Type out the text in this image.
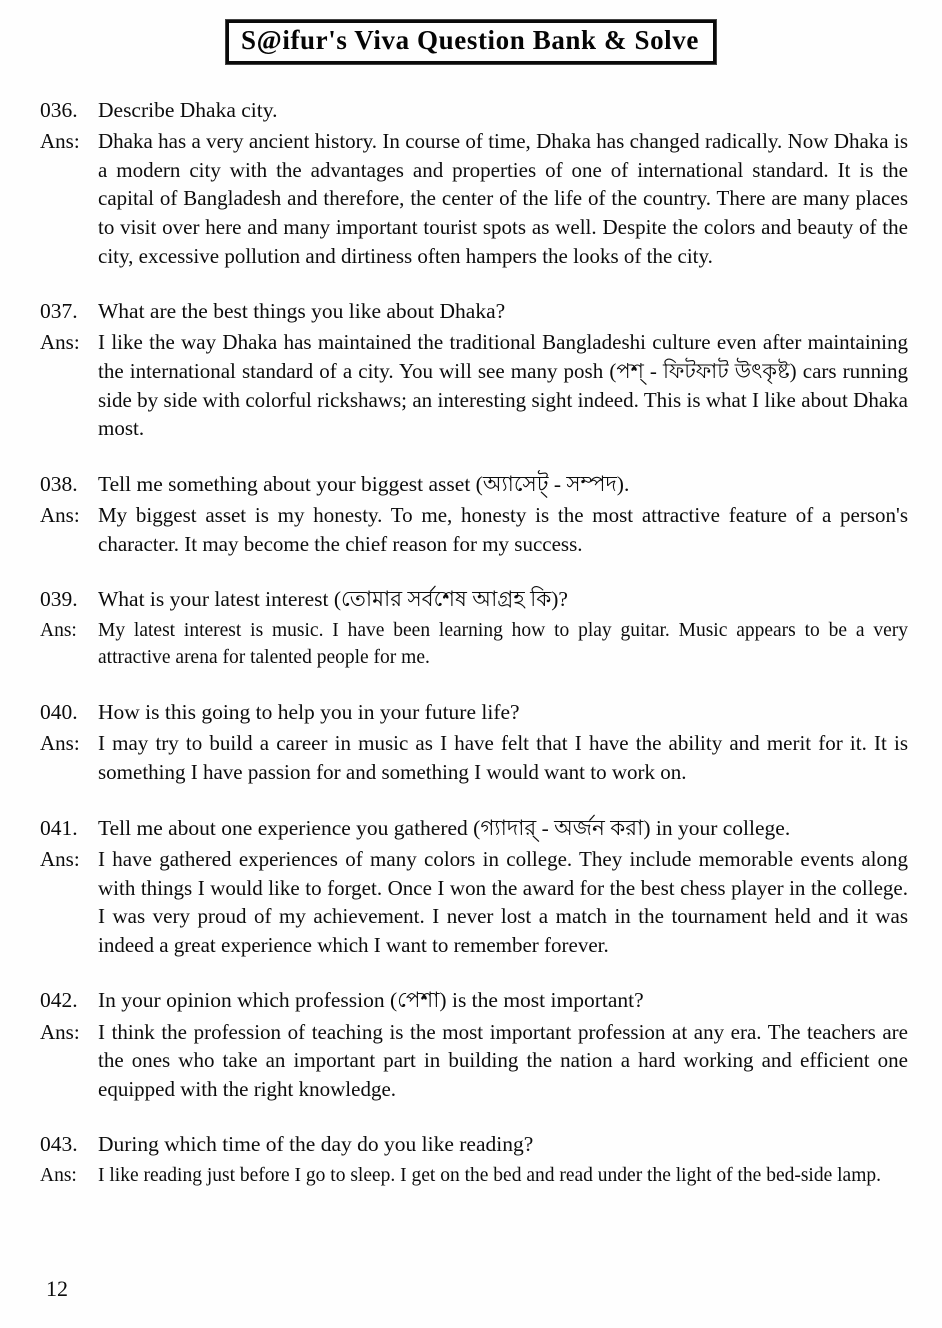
S@ifur's Viva Question Bank & Solve
036. Describe Dhaka city.
Ans: Dhaka has a very ancient history. In course of time, Dhaka has changed radically. Now Dhaka is a modern city with the advantages and properties of one of international standard. It is the capital of Bangladesh and therefore, the center of the life of the country. There are many places to visit over here and many important tourist spots as well. Despite the colors and beauty of the city, excessive pollution and dirtiness often hampers the looks of the city.
037. What are the best things you like about Dhaka?
Ans: I like the way Dhaka has maintained the traditional Bangladeshi culture even after maintaining the international standard of a city. You will see many posh (পশ্ - ফিটফাট উৎকৃষ্ট) cars running side by side with colorful rickshaws; an interesting sight indeed. This is what I like about Dhaka most.
038. Tell me something about your biggest asset (অ্যাসেট্ - সম্পদ).
Ans: My biggest asset is my honesty. To me, honesty is the most attractive feature of a person's character. It may become the chief reason for my success.
039. What is your latest interest (তোমার সর্বশেষ আগ্রহ কি)?
Ans:	My latest interest is music. I have been learning how to play guitar. Music appears to be a very attractive arena for talented people for me.
040. How is this going to help you in your future life?
Ans: I may try to build a career in music as I have felt that I have the ability and merit for it. It is something I have passion for and something I would want to work on.
041. Tell me about one experience you gathered (গ্যাদার্ - অর্জন করা) in your college.
Ans: I have gathered experiences of many colors in college. They include memorable events along with things I would like to forget. Once I won the award for the best chess player in the college. I was very proud of my achievement. I never lost a match in the tournament held and it was indeed a great experience which I want to remember forever.
042. In your opinion which profession (পেশা) is the most important?
Ans: I think the profession of teaching is the most important profession at any era. The teachers are the ones who take an important part in building the nation a hard working and efficient one equipped with the right knowledge.
043. During which time of the day do you like reading?
Ans:	I like reading just before I go to sleep. I get on the bed and read under the light of the bed-side lamp.
12
